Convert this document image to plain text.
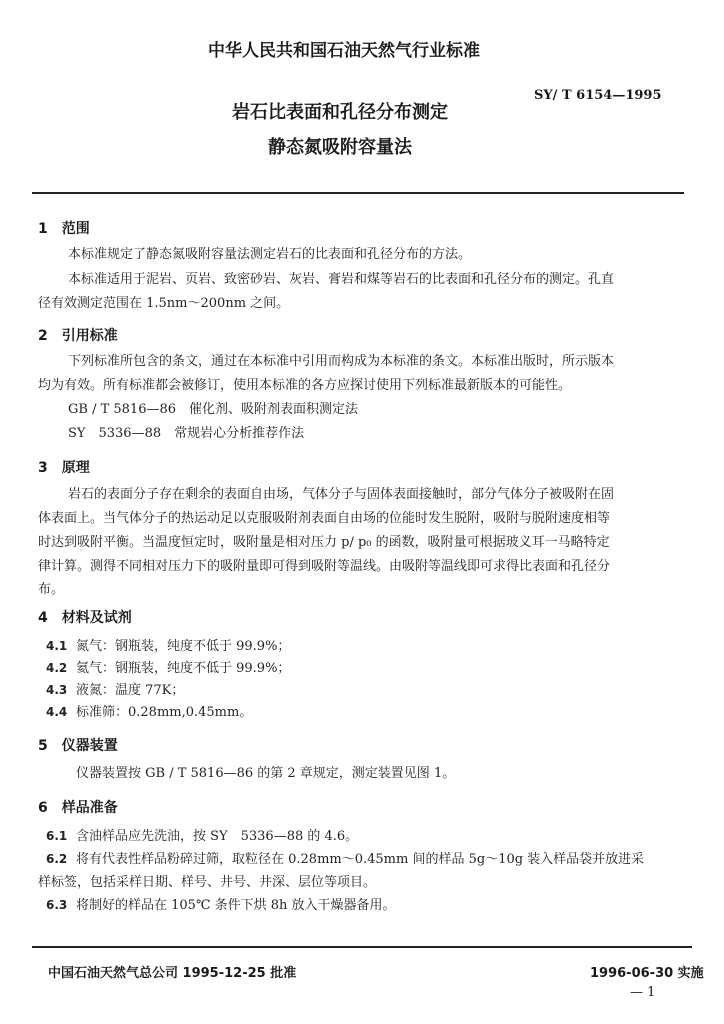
中华人民共和国石油天然气行业标准
SY/ T 6154—1995
岩石比表面和孔径分布测定
静态氮吸附容量法
1　范围
本标准规定了静态氮吸附容量法测定岩石的比表面和孔径分布的方法。
本标准适用于泥岩、页岩、致密砂岩、灰岩、膏岩和煤等岩石的比表面和孔径分布的测定。孔直
径有效测定范围在 1.5nm～200nm 之间。
2　引用标准
下列标准所包含的条文，通过在本标准中引用而构成为本标准的条文。本标准出版时，所示版本
均为有效。所有标准都会被修订，使用本标准的各方应探讨使用下列标准最新版本的可能性。
GB / T 5816—86　催化剂、吸附剂表面积测定法
SY　5336—88　常规岩心分析推荐作法
3　原理
岩石的表面分子存在剩余的表面自由场，气体分子与固体表面接触时，部分气体分子被吸附在固
体表面上。当气体分子的热运动足以克服吸附剂表面自由场的位能时发生脱附，吸附与脱附速度相等
时达到吸附平衡。当温度恒定时，吸附量是相对压力 p/ p₀ 的函数，吸附量可根据玻义耳一马略特定
律计算。测得不同相对压力下的吸附量即可得到吸附等温线。由吸附等温线即可求得比表面和孔径分
布。
4　材料及试剂
4.1 氮气：钢瓶装，纯度不低于 99.9%；
4.2 氦气：钢瓶装，纯度不低于 99.9%；
4.3 液氮：温度 77K；
4.4 标准筛：0.28mm,0.45mm。
5　仪器装置
仪器装置按 GB / T 5816—86 的第 2 章规定，测定装置见图 1。
6　样品准备
6.1 含油样品应先洗油，按 SY　5336—88 的 4.6。
6.2 将有代表性样品粉碎过筛，取粒径在 0.28mm～0.45mm 间的样品 5g～10g 装入样品袋并放进采
样标签，包括采样日期、样号、井号、井深、层位等项目。
6.3 将制好的样品在 105℃ 条件下烘 8h 放入干燥器备用。
中国石油天然气总公司 1995-12-25 批准	1996-06-30 实施
— 1
